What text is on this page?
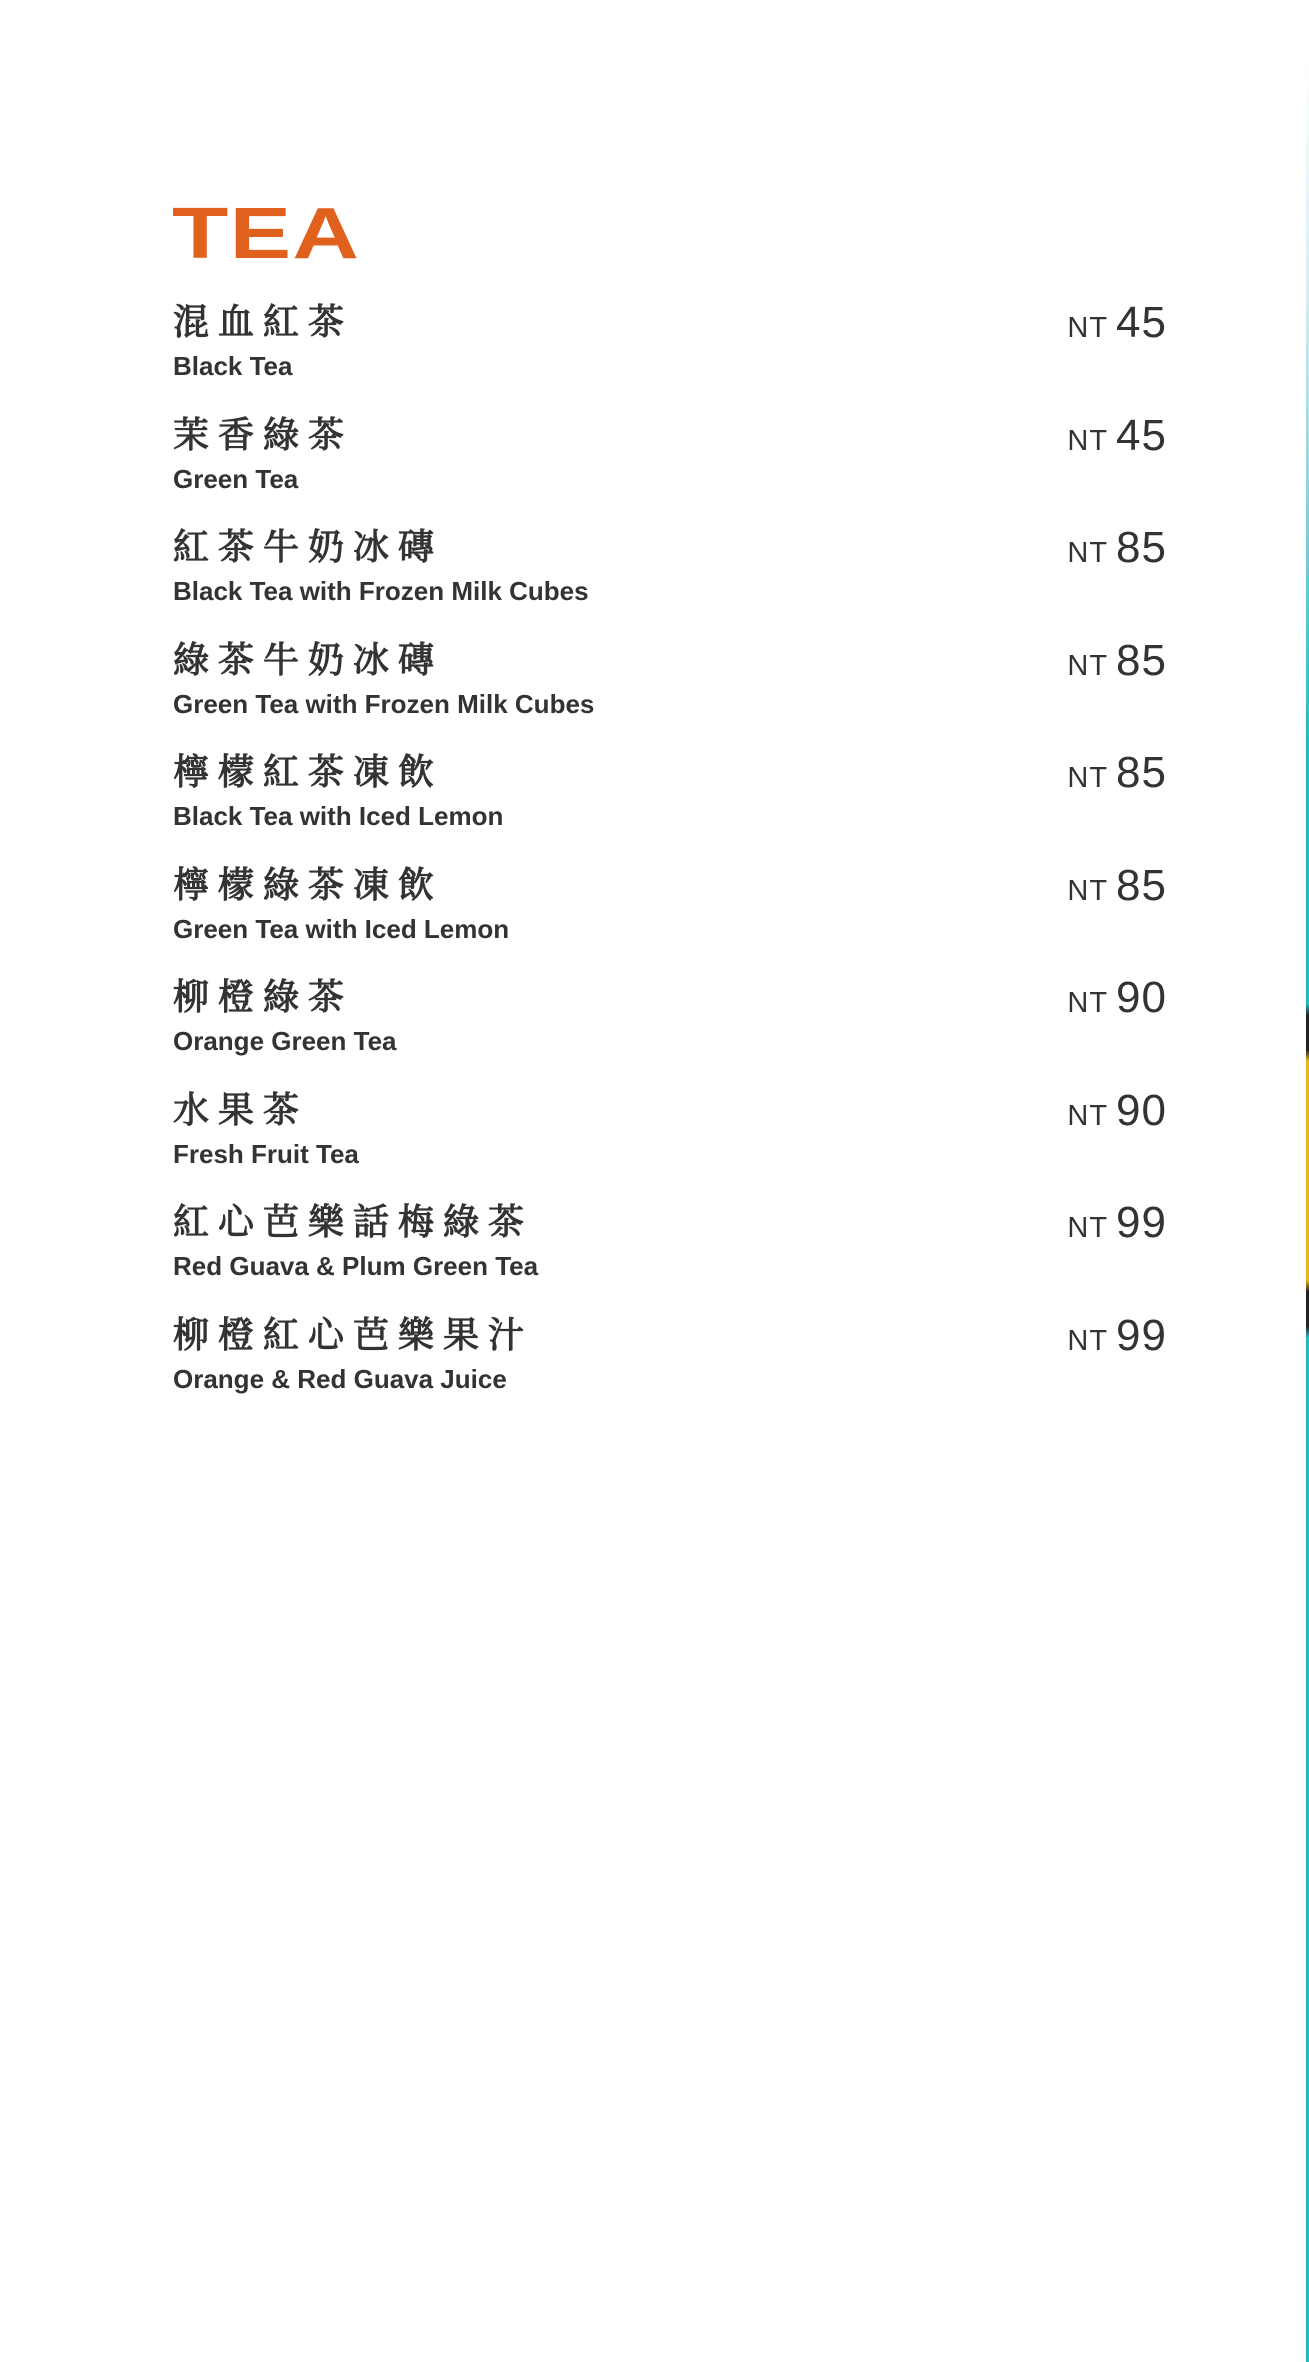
TEA
混血紅茶
Black Tea
NT 45
茉香綠茶
Green Tea
NT 45
紅茶牛奶冰磚
Black Tea with Frozen Milk Cubes
NT 85
綠茶牛奶冰磚
Green Tea with Frozen Milk Cubes
NT 85
檸檬紅茶凍飲
Black Tea with Iced Lemon
NT 85
檸檬綠茶凍飲
Green Tea with Iced Lemon
NT 85
柳橙綠茶
Orange Green Tea
NT 90
水果茶
Fresh Fruit Tea
NT 90
紅心芭樂話梅綠茶
Red Guava & Plum Green Tea
NT 99
柳橙紅心芭樂果汁
Orange & Red Guava Juice
NT 99
